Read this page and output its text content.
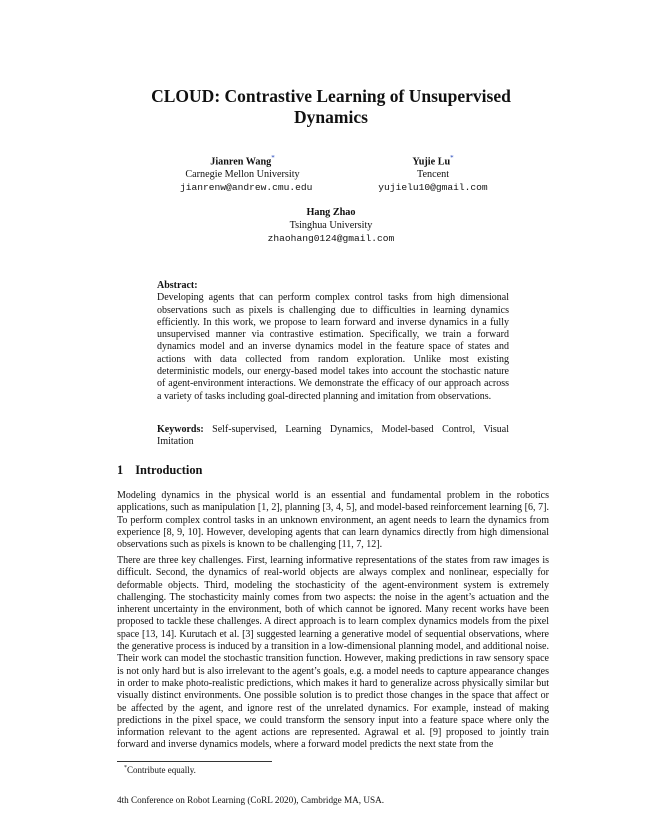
CLOUD: Contrastive Learning of Unsupervised
Dynamics
Jianren Wang*
Carnegie Mellon University
jianrenw@andrew.cmu.edu
Yujie Lu*
Tencent
yujielu10@gmail.com
Hang Zhao
Tsinghua University
zhaohang0124@gmail.com
Abstract:
Developing agents that can perform complex control tasks from high dimensional observations such as pixels is challenging due to difficulties in learning dynamics efficiently. In this work, we propose to learn forward and inverse dynamics in a fully unsupervised manner via contrastive estimation. Specifically, we train a forward dynamics model and an inverse dynamics model in the feature space of states and actions with data collected from random exploration. Unlike most existing deterministic models, our energy-based model takes into account the stochastic nature of agent-environment interactions. We demonstrate the efficacy of our approach across a variety of tasks including goal-directed planning and imitation from observations.
Keywords: Self-supervised, Learning Dynamics, Model-based Control, Visual Imitation
1 Introduction
Modeling dynamics in the physical world is an essential and fundamental problem in the robotics applications, such as manipulation [1, 2], planning [3, 4, 5], and model-based reinforcement learning [6, 7]. To perform complex control tasks in an unknown environment, an agent needs to learn the dynamics from experience [8, 9, 10]. However, developing agents that can learn dynamics directly from high dimensional observations such as pixels is known to be challenging [11, 7, 12].
There are three key challenges. First, learning informative representations of the states from raw images is difficult. Second, the dynamics of real-world objects are always complex and nonlinear, especially for deformable objects. Third, modeling the stochasticity of the agent-environment system is extremely challenging. The stochasticity mainly comes from two aspects: the noise in the agent’s actuation and the inherent uncertainty in the environment, both of which cannot be ignored. Many recent works have been proposed to tackle these challenges. A direct approach is to learn complex dynamics models from the pixel space [13, 14]. Kurutach et al. [3] suggested learning a generative model of sequential observations, where the generative process is induced by a transition in a low-dimensional planning model, and additional noise. Their work can model the stochastic transition function. However, making predictions in raw sensory space is not only hard but is also irrelevant to the agent’s goals, e.g. a model needs to capture appearance changes in order to make photo-realistic predictions, which makes it hard to generalize across physically similar but visually distinct environments. One possible solution is to predict those changes in the space that affect or be affected by the agent, and ignore rest of the unrelated dynamics. For example, instead of making predictions in the pixel space, we could transform the sensory input into a feature space where only the information relevant to the agent actions are represented. Agrawal et al. [9] proposed to jointly train forward and inverse dynamics models, where a forward model predicts the next state from the
*Contribute equally.
4th Conference on Robot Learning (CoRL 2020), Cambridge MA, USA.
